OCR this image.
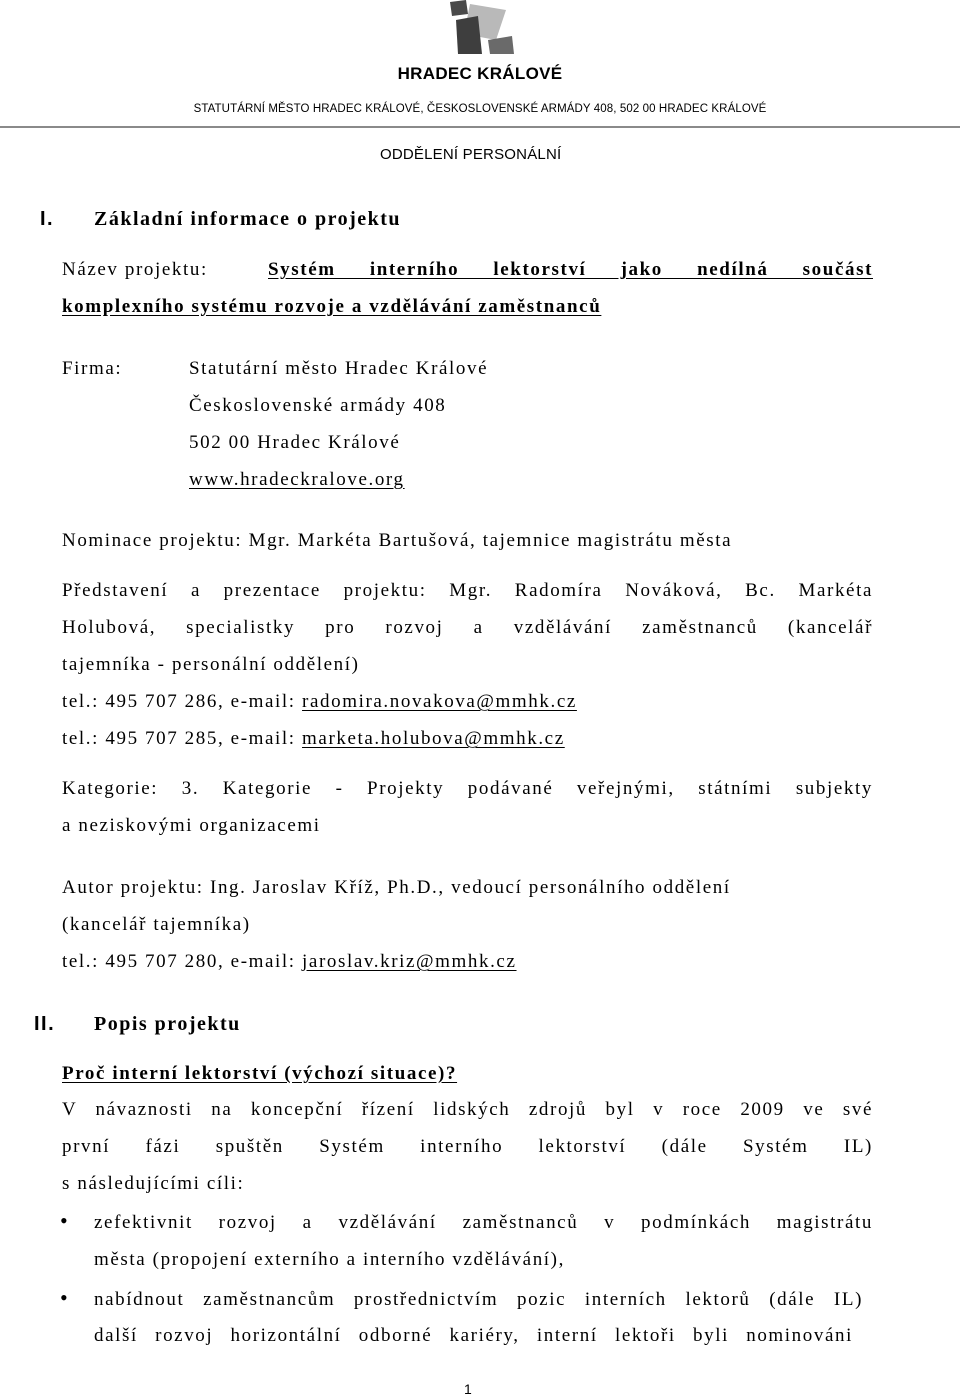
HRADEC KRÁLOVÉ
STATUTÁRNÍ MĚSTO HRADEC KRÁLOVÉ, ČESKOSLOVENSKÉ ARMÁDY 408, 502 00 HRADEC KRÁLOVÉ
ODDĚLENÍ PERSONÁLNÍ
I. Základní informace o projektu
Název projektu:	Systém interního lektorství jako nedílná součást
komplexního systému rozvoje a vzdělávání zaměstnanců
Firma:	Statutární město Hradec Králové
Československé armády 408
502 00 Hradec Králové
www.hradeckralove.org
Nominace projektu: Mgr. Markéta Bartušová, tajemnice magistrátu města
Představení a prezentace projektu: Mgr. Radomíra Nováková, Bc. Markéta
Holubová, specialistky pro rozvoj a vzdělávání zaměstnanců (kancelář
tajemníka - personální oddělení)
tel.: 495 707 286, e-mail: radomira.novakova@mmhk.cz
tel.: 495 707 285, e-mail: marketa.holubova@mmhk.cz
Kategorie: 3. Kategorie - Projekty podávané veřejnými, státními subjekty
a neziskovými organizacemi
Autor projektu: Ing. Jaroslav Kříž, Ph.D., vedoucí personálního oddělení
(kancelář tajemníka)
tel.: 495 707 280, e-mail: jaroslav.kriz@mmhk.cz
II. Popis projektu
Proč interní lektorství (výchozí situace)?
V návaznosti na koncepční řízení lidských zdrojů byl v roce 2009 ve své
první fázi spuštěn Systém interního lektorství (dále Systém IL)
s následujícími cíli:
• zefektivnit rozvoj a vzdělávání zaměstnanců v podmínkách magistrátu
města (propojení externího a interního vzdělávání),
• nabídnout zaměstnancům prostřednictvím pozic interních lektorů (dále IL)
další rozvoj horizontální odborné kariéry, interní lektoři byli nominováni
1
